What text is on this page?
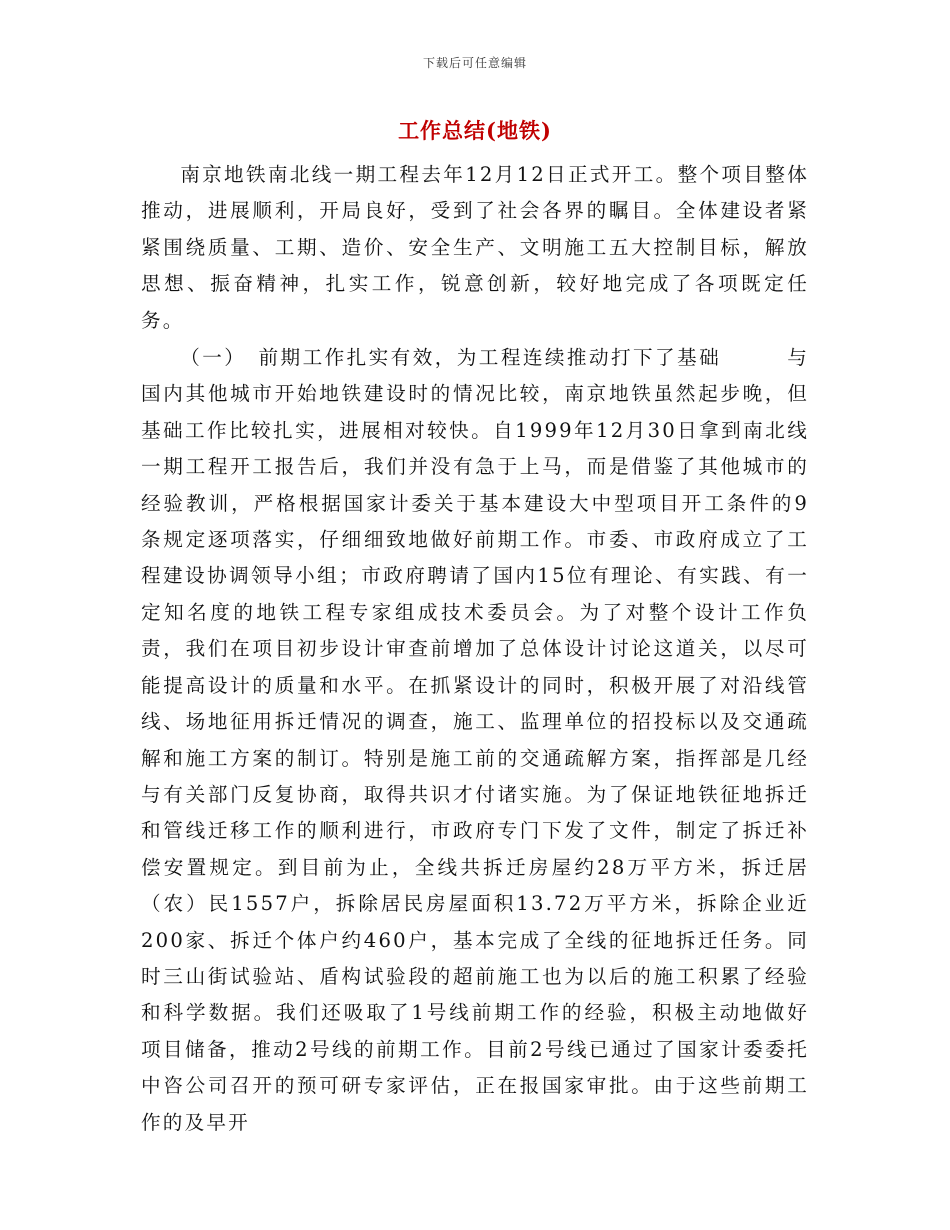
下载后可任意编辑
工作总结(地铁)

南京地铁南北线一期工程去年12月12日正式开工。整个项目整体推动，进展顺利，开局良好，受到了社会各界的瞩目。全体建设者紧紧围绕质量、工期、造价、安全生产、文明施工五大控制目标，解放思想、振奋精神，扎实工作，锐意创新，较好地完成了各项既定任务。

（一）　前期工作扎实有效，为工程连续推动打下了基础　　　与国内其他城市开始地铁建设时的情况比较，南京地铁虽然起步晚，但基础工作比较扎实，进展相对较快。自1999年12月30日拿到南北线一期工程开工报告后，我们并没有急于上马，而是借鉴了其他城市的经验教训，严格根据国家计委关于基本建设大中型项目开工条件的9条规定逐项落实，仔细细致地做好前期工作。市委、市政府成立了工程建设协调领导小组；市政府聘请了国内15位有理论、有实践、有一定知名度的地铁工程专家组成技术委员会。为了对整个设计工作负责，我们在项目初步设计审查前增加了总体设计讨论这道关，以尽可能提高设计的质量和水平。在抓紧设计的同时，积极开展了对沿线管线、场地征用拆迁情况的调查，施工、监理单位的招投标以及交通疏解和施工方案的制订。特别是施工前的交通疏解方案，指挥部是几经与有关部门反复协商，取得共识才付诸实施。为了保证地铁征地拆迁和管线迁移工作的顺利进行，市政府专门下发了文件，制定了拆迁补偿安置规定。到目前为止，全线共拆迁房屋约28万平方米，拆迁居（农）民1557户，拆除居民房屋面积13.72万平方米，拆除企业近200家、拆迁个体户约460户，基本完成了全线的征地拆迁任务。同时三山街试验站、盾构试验段的超前施工也为以后的施工积累了经验和科学数据。我们还吸取了1号线前期工作的经验，积极主动地做好项目储备，推动2号线的前期工作。目前2号线已通过了国家计委委托中咨公司召开的预可研专家评估，正在报国家审批。由于这些前期工作的及早开
